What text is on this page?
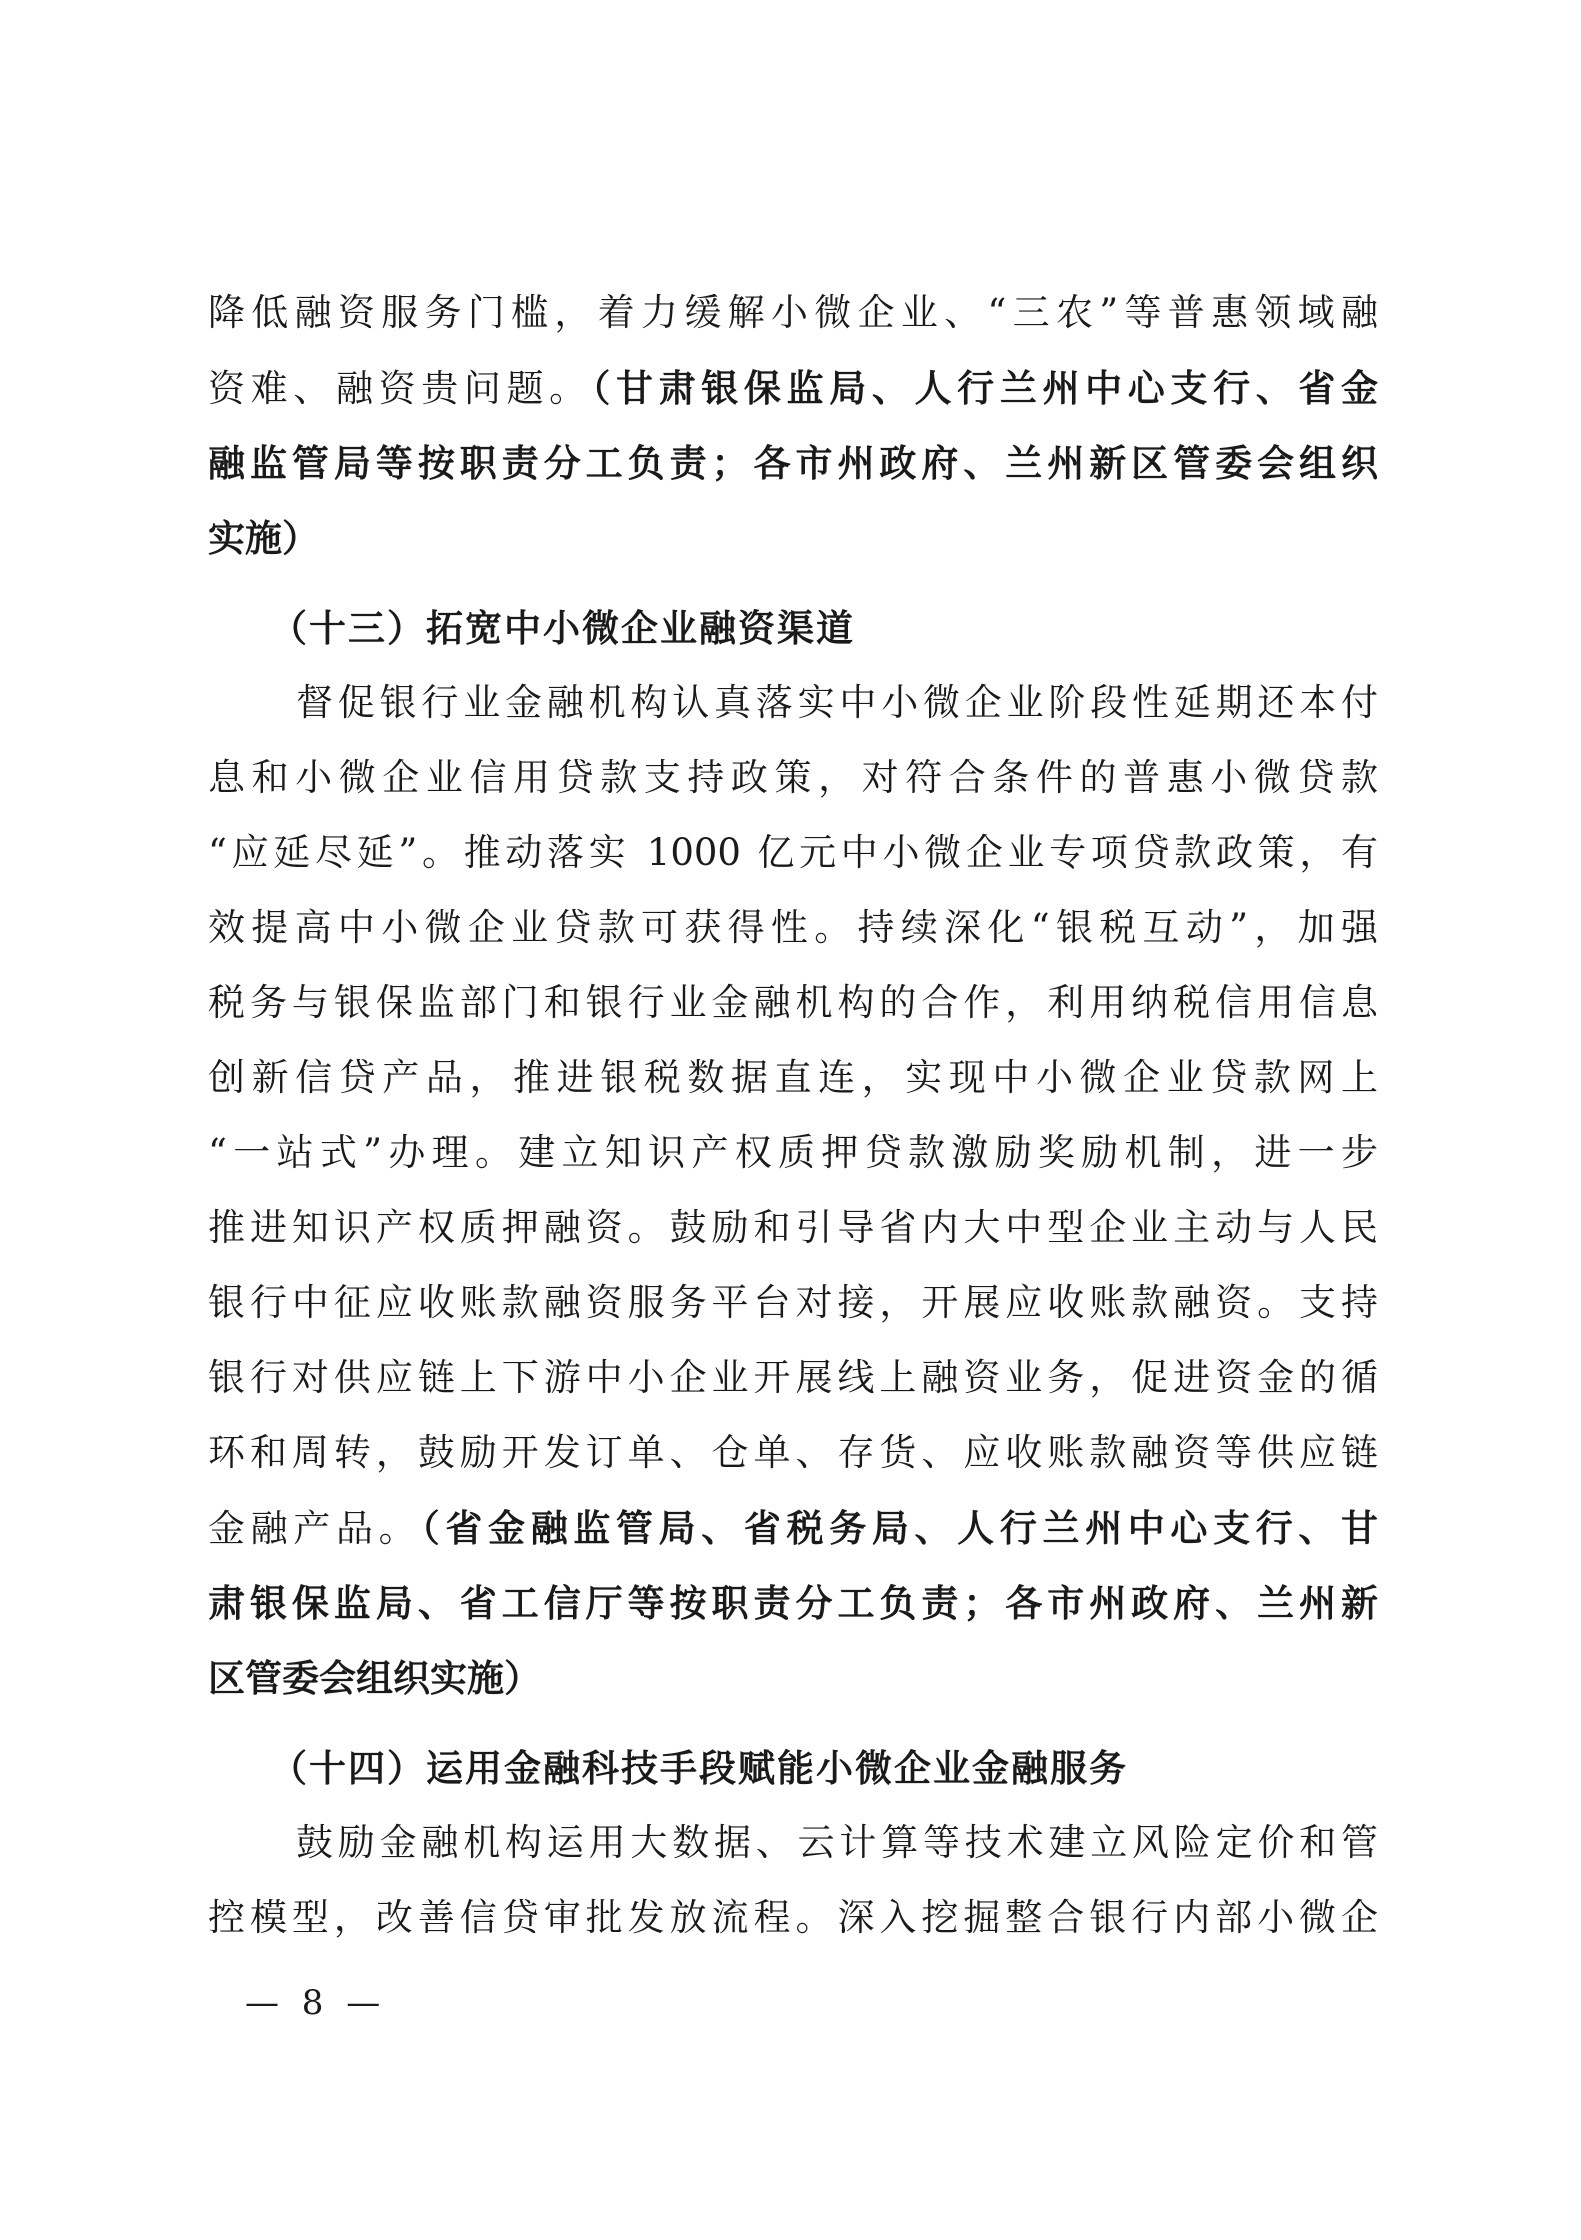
降低融资服务门槛，着力缓解小微企业、“三农”等普惠领域融
资难、融资贵问题。（甘肃银保监局、人行兰州中心支行、省金
融监管局等按职责分工负责；各市州政府、兰州新区管委会组织
实施）
（十三）拓宽中小微企业融资渠道
督促银行业金融机构认真落实中小微企业阶段性延期还本付
息和小微企业信用贷款支持政策，对符合条件的普惠小微贷款
“应延尽延”。推动落实 1000 亿元中小微企业专项贷款政策，有
效提高中小微企业贷款可获得性。持续深化“银税互动”，加强
税务与银保监部门和银行业金融机构的合作，利用纳税信用信息
创新信贷产品，推进银税数据直连，实现中小微企业贷款网上
“一站式”办理。建立知识产权质押贷款激励奖励机制，进一步
推进知识产权质押融资。鼓励和引导省内大中型企业主动与人民
银行中征应收账款融资服务平台对接，开展应收账款融资。支持
银行对供应链上下游中小企业开展线上融资业务，促进资金的循
环和周转，鼓励开发订单、仓单、存货、应收账款融资等供应链
金融产品。（省金融监管局、省税务局、人行兰州中心支行、甘
肃银保监局、省工信厅等按职责分工负责；各市州政府、兰州新
区管委会组织实施）
（十四）运用金融科技手段赋能小微企业金融服务
鼓励金融机构运用大数据、云计算等技术建立风险定价和管
控模型，改善信贷审批发放流程。深入挖掘整合银行内部小微企
— 8 —
